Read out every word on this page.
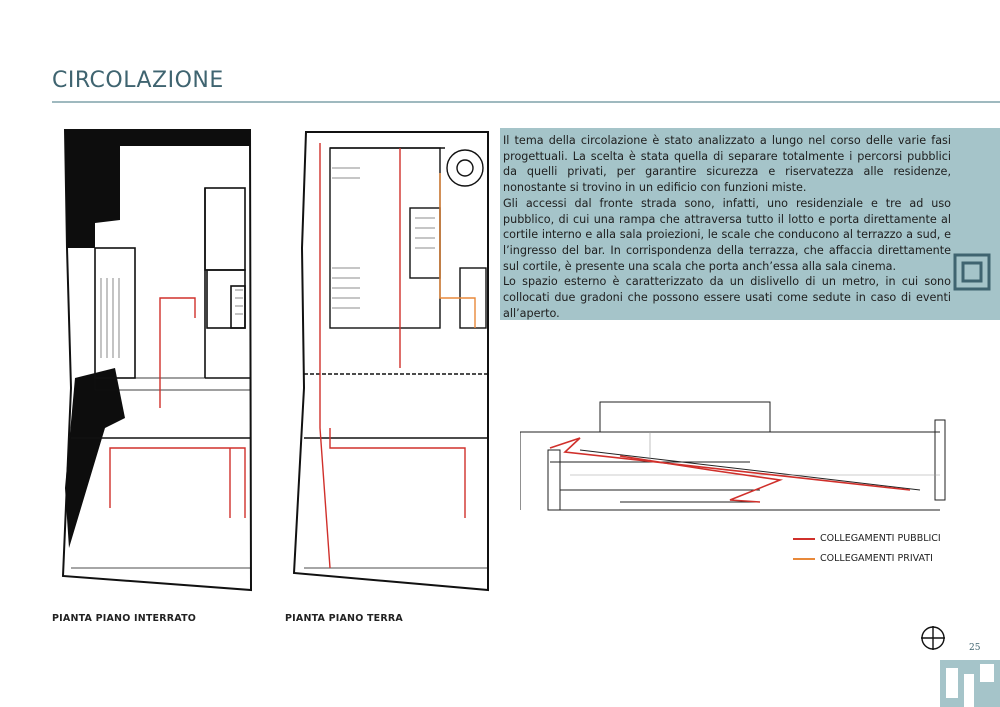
CIRCOLAZIONE

Il tema della circolazione è stato analizzato a lungo nel corso delle varie fasi progettuali. La scelta è stata quella di separare totalmente i percorsi pubblici da quelli privati, per garantire sicurezza e riservatezza alle residenze, nonostante si trovino in un edificio con funzioni miste.

Gli accessi dal fronte strada sono, infatti, uno residenziale e tre ad uso pubblico, di cui una rampa che attraversa tutto il lotto e porta direttamente al cortile interno e alla sala proiezioni, le scale che conducono al terrazzo a sud, e l’ingresso del bar. In corrispondenza della terrazza, che affaccia direttamente sul cortile, è presente una scala che porta anch’essa alla sala cinema.

Lo spazio esterno è caratterizzato da un dislivello di un metro, in cui sono collocati due gradoni che possono essere usati come sedute in caso di eventi all’aperto.

PIANTA PIANO INTERRATO	PIANTA PIANO TERRA
COLLEGAMENTI PUBBLICI
COLLEGAMENTI PRIVATI
25
